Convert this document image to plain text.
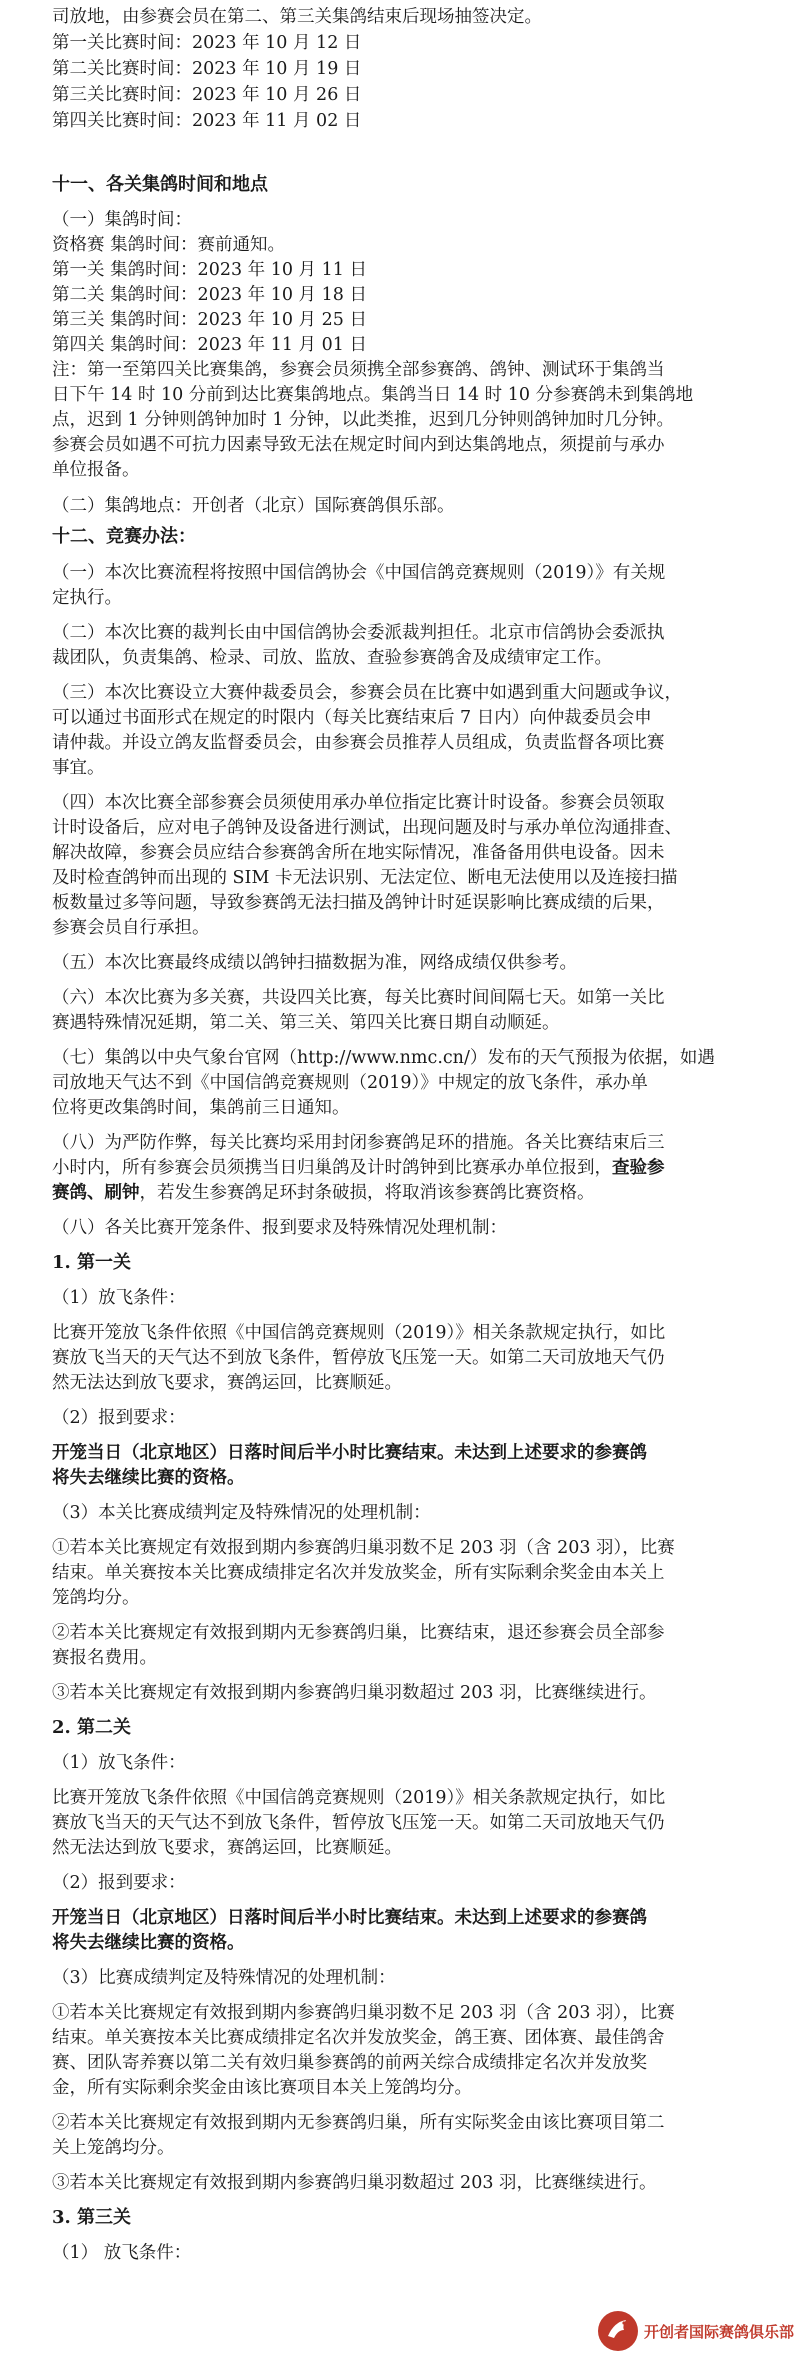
司放地，由参赛会员在第二、第三关集鸽结束后现场抽签决定。
第一关比赛时间：2023 年 10 月 12 日
第二关比赛时间：2023 年 10 月 19 日
第三关比赛时间：2023 年 10 月 26 日
第四关比赛时间：2023 年 11 月 02 日
十一、各关集鸽时间和地点
（一）集鸽时间：
资格赛 集鸽时间：赛前通知。
第一关 集鸽时间：2023 年 10 月 11 日
第二关 集鸽时间：2023 年 10 月 18 日
第三关 集鸽时间：2023 年 10 月 25 日
第四关 集鸽时间：2023 年 11 月 01 日
注：第一至第四关比赛集鸽，参赛会员须携全部参赛鸽、鸽钟、测试环于集鸽当
日下午 14 时 10 分前到达比赛集鸽地点。集鸽当日 14 时 10 分参赛鸽未到集鸽地
点，迟到 1 分钟则鸽钟加时 1 分钟，以此类推，迟到几分钟则鸽钟加时几分钟。
参赛会员如遇不可抗力因素导致无法在规定时间内到达集鸽地点，须提前与承办
单位报备。
（二）集鸽地点：开创者（北京）国际赛鸽俱乐部。
十二、竞赛办法：
（一）本次比赛流程将按照中国信鸽协会《中国信鸽竞赛规则（2019）》有关规
定执行。
（二）本次比赛的裁判长由中国信鸽协会委派裁判担任。北京市信鸽协会委派执
裁团队，负责集鸽、检录、司放、监放、查验参赛鸽舍及成绩审定工作。
（三）本次比赛设立大赛仲裁委员会，参赛会员在比赛中如遇到重大问题或争议，
可以通过书面形式在规定的时限内（每关比赛结束后 7 日内）向仲裁委员会申
请仲裁。并设立鸽友监督委员会，由参赛会员推荐人员组成，负责监督各项比赛
事宜。
（四）本次比赛全部参赛会员须使用承办单位指定比赛计时设备。参赛会员领取
计时设备后，应对电子鸽钟及设备进行测试，出现问题及时与承办单位沟通排查、
解决故障，参赛会员应结合参赛鸽舍所在地实际情况，准备备用供电设备。因未
及时检查鸽钟而出现的 SIM 卡无法识别、无法定位、断电无法使用以及连接扫描
板数量过多等问题，导致参赛鸽无法扫描及鸽钟计时延误影响比赛成绩的后果，
参赛会员自行承担。
（五）本次比赛最终成绩以鸽钟扫描数据为准，网络成绩仅供参考。
（六）本次比赛为多关赛，共设四关比赛，每关比赛时间间隔七天。如第一关比
赛遇特殊情况延期，第二关、第三关、第四关比赛日期自动顺延。
（七）集鸽以中央气象台官网（http://www.nmc.cn/）发布的天气预报为依据，如遇
司放地天气达不到《中国信鸽竞赛规则（2019）》中规定的放飞条件，承办单
位将更改集鸽时间，集鸽前三日通知。
（八）为严防作弊，每关比赛均采用封闭参赛鸽足环的措施。各关比赛结束后三
小时内，所有参赛会员须携当日归巢鸽及计时鸽钟到比赛承办单位报到，查验参
赛鸽、刷钟，若发生参赛鸽足环封条破损，将取消该参赛鸽比赛资格。
（八）各关比赛开笼条件、报到要求及特殊情况处理机制：
1. 第一关
（1）放飞条件：
比赛开笼放飞条件依照《中国信鸽竞赛规则（2019）》相关条款规定执行，如比
赛放飞当天的天气达不到放飞条件，暂停放飞压笼一天。如第二天司放地天气仍
然无法达到放飞要求，赛鸽运回，比赛顺延。
（2）报到要求：
开笼当日（北京地区）日落时间后半小时比赛结束。未达到上述要求的参赛鸽
将失去继续比赛的资格。
（3）本关比赛成绩判定及特殊情况的处理机制：
①若本关比赛规定有效报到期内参赛鸽归巢羽数不足 203 羽（含 203 羽），比赛
结束。单关赛按本关比赛成绩排定名次并发放奖金，所有实际剩余奖金由本关上
笼鸽均分。
②若本关比赛规定有效报到期内无参赛鸽归巢，比赛结束，退还参赛会员全部参
赛报名费用。
③若本关比赛规定有效报到期内参赛鸽归巢羽数超过 203 羽，比赛继续进行。
2. 第二关
（1）放飞条件：
比赛开笼放飞条件依照《中国信鸽竞赛规则（2019）》相关条款规定执行，如比
赛放飞当天的天气达不到放飞条件，暂停放飞压笼一天。如第二天司放地天气仍
然无法达到放飞要求，赛鸽运回，比赛顺延。
（2）报到要求：
开笼当日（北京地区）日落时间后半小时比赛结束。未达到上述要求的参赛鸽
将失去继续比赛的资格。
（3）比赛成绩判定及特殊情况的处理机制：
①若本关比赛规定有效报到期内参赛鸽归巢羽数不足 203 羽（含 203 羽），比赛
结束。单关赛按本关比赛成绩排定名次并发放奖金，鸽王赛、团体赛、最佳鸽舍
赛、团队寄养赛以第二关有效归巢参赛鸽的前两关综合成绩排定名次并发放奖
金，所有实际剩余奖金由该比赛项目本关上笼鸽均分。
②若本关比赛规定有效报到期内无参赛鸽归巢，所有实际奖金由该比赛项目第二
关上笼鸽均分。
③若本关比赛规定有效报到期内参赛鸽归巢羽数超过 203 羽，比赛继续进行。
3. 第三关
（1） 放飞条件：
开创者国际赛鸽俱乐部
